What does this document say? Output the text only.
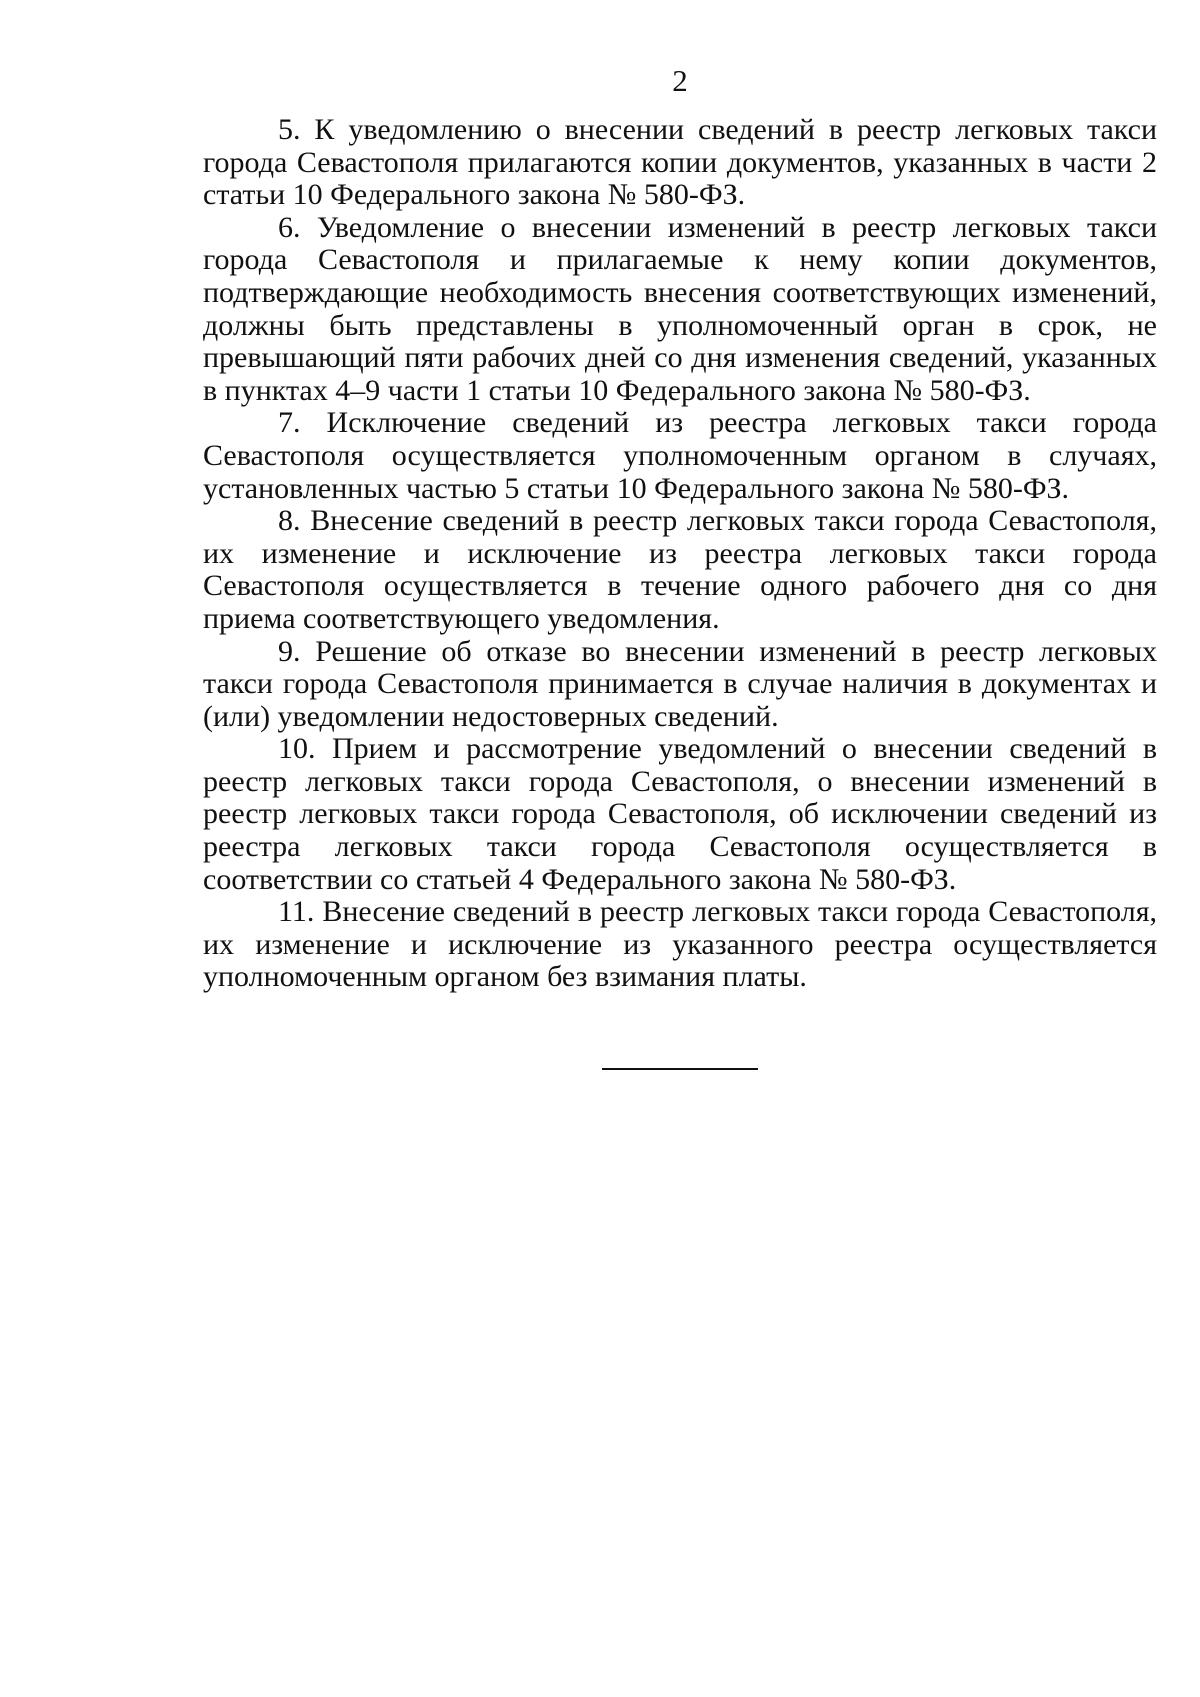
2

5. К уведомлению о внесении сведений в реестр легковых такси города Севастополя прилагаются копии документов, указанных в части 2 статьи 10 Федерального закона № 580-ФЗ.

6. Уведомление о внесении изменений в реестр легковых такси города Севастополя и прилагаемые к нему копии документов, подтверждающие необходимость внесения соответствующих изменений, должны быть представлены в уполномоченный орган в срок, не превышающий пяти рабочих дней со дня изменения сведений, указанных в пунктах 4–9 части 1 статьи 10 Федерального закона № 580-ФЗ.

7. Исключение сведений из реестра легковых такси города Севастополя осуществляется уполномоченным органом в случаях, установленных частью 5 статьи 10 Федерального закона № 580-ФЗ.

8. Внесение сведений в реестр легковых такси города Севастополя, их изменение и исключение из реестра легковых такси города Севастополя осуществляется в течение одного рабочего дня со дня приема соответствующего уведомления.

9. Решение об отказе во внесении изменений в реестр легковых такси города Севастополя принимается в случае наличия в документах и (или) уведомлении недостоверных сведений.

10. Прием и рассмотрение уведомлений о внесении сведений в реестр легковых такси города Севастополя, о внесении изменений в реестр легковых такси города Севастополя, об исключении сведений из реестра легковых такси города Севастополя осуществляется в соответствии со статьей 4 Федерального закона № 580-ФЗ.

11. Внесение сведений в реестр легковых такси города Севастополя, их изменение и исключение из указанного реестра осуществляется уполномоченным органом без взимания платы.
